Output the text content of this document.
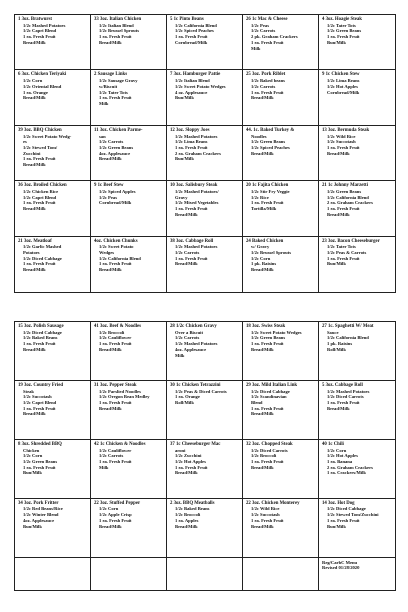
1 3oz. Bratwurst
1/2c Mashed Potatoes
1/2c Capri Blend
1 ea. Fresh Fruit
Bread/Milk
33 3oz. Italian Chicken
1/2c Italian Blend
1/2c Brussel Sprouts
1 ea. Fresh Fruit
Bread/Milk
5 1c Pinto Beans
1/2c California Blend
1/2c Spiced Peaches
1 ea. Fresh Fruit
Cornbread/Milk
26 1c Mac & Cheese
1/2c Peas
1/2c Carrots
2 pk. Graham Crackers
1 ea. Fresh Fruit
Milk
4 3oz. Hoagie Steak
1/2c Tater Tots
1/2c Green Beans
1 ea. Fresh Fruit
Bun/Milk
6 3oz. Chicken Teriyaki
1/2c Corn
1/2c Oriental Blend
1 ea. Orange
Bread/Milk
2 Sausage Links
1/2c Sausage Gravy
w/Biscuit
1/2c Tater Tots
1 ea. Fresh Fruit
Milk
7 3oz. Hamburger Pattie
1/2c Italian Blend
1/2c Sweet Potato Wedges
4 oz. Applesauce
Bun/Milk
25 3oz. Pork Riblet
1/2c Baked beans
1/2c Carrots
1 ea. Fresh Fruit
Bread/Milk
9 1c Chicken Stew
1/2c Lima Beans
1/2c Hot Apples
Cornbread/Milk
39 3oz. BBQ Chicken
1/2c Sweet Potato Wedg-
es
1/2c Stewed Tom/
Zucchini
1 ea. Fresh Fruit
Bread/Milk
11 3oz. Chicken Parme-
san
1/2c Carrots
1/2c Green Beans
4oz. Applesauce
Bread/Milk
12 3oz. Sloppy Joes
1/2c Mashed Potatoes
1/2c Lima Beans
1 ea. Fresh Fruit
2 ea. Graham Crackers
Bun/Milk
44. 1c. Baked Turkey &
Noodles
1/2c Green Beans
1/2c Spiced Peaches
Bread/Milk
13 3oz. Bermuda Steak
1/2c Wild Rice
1/2c Succotash
1 ea. Fresh Fruit
Bread/Milk
36 3oz. Broiled Chicken
1/2c Chicken Rice
1/2c Capri Blend
1 ea. Fresh Fruit
Bread/Milk
9 1c Beef Stew
1/2c Spiced Apples
1/2c Peas
Cornbread/Milk
10 3oz. Salisbury Steak
1/2c Mashed Potatoes/
Gravy
1/2c Mixed Vegetables
1 ea. Fresh Fruit
Bread/Milk
20 1c Fajita Chicken
1/2c Stir Fry Veggie
1/2c Rice
1 ea. Fresh Fruit
Tortilla/Milk
21 1c Johnny Marzetti
1/2c Green Beans
1/2c California Blend
2 ea. Graham Crackers
1 ea. Fresh Fruit
Bread/Milk
21 3oz. Meatloaf
1/2c Garlic Mashed
Potatoes
1/2c Diced Cabbage
1 ea. Fresh Fruit
Bread/Milk
4oz. Chicken Chunks
1/2c Sweet Potato
Wedges
1/2c California Blend
1 ea. Fresh Fruit
Bread/Milk
38 3oz. Cabbage Roll
1/2c Mashed Potatoes
1/2c Carrots
1 ea. Fresh Fruit
Bread/Milk
24 Baked Chicken
w/ Gravy
1/2c Brussel Sprouts
1/2c Corn
1 pk. Raisins
Bread/Milk
23 3oz. Bacon Cheeseburger
1/2c Tater Tots
1/2c Peas & Carrots
1 ea. Fresh Fruit
Bun/Milk
15 3oz. Polish Sausage
1/2c Diced Cabbage
1/2c Baked Beans
1 ea. Fresh Fruit
Bread/Milk
41 3oz. Beef & Noodles
1/2c Broccoli
1/2c Cauliflower
1 ea. Fresh Fruit
Bread/Milk
28 1/2c Chicken Gravy
Over a Biscuit
1/2c Carrots
1/2c Mashed Potatoes
4oz. Applesauce
Milk
18 3oz. Swiss Steak
1/2c Sweet Potato Wedges
1/2c Green Beans
1 ea. Fresh Fruit
Bread/Milk
27 1c. Spaghetti W/ Meat
Sauce
1/2c California Blend
1 pk. Raisins
Roll/Milk
19 3oz. Country Fried
Steak
1/2c Succotash
1/2c Capri Blend
1 ea. Fresh Fruit
Bread/Milk
31 3oz. Pepper Steak
1/2c Parslied Noodles
1/2c Oregon Bean Medley
1 ea. Fresh Fruit
Bread/Milk
30 1c Chicken Tetrazzini
1/2c Peas & Diced Carrots
1 ea. Orange
Roll/Milk
29 3oz. Mild Italian Link
1/2c Diced Cabbage
1/2c Scandinavian
Blend
1 ea. Fresh Fruit
Bread/Milk
5 3oz. Cabbage Roll
1/2c Mashed Potatoes
1/2c Diced Carrots
1 ea. Fresh Fruit
Bread/Milk
8 3oz. Shredded BBQ
Chicken
1/2c Corn
1/2c Green Beans
1 ea. Fresh Fruit
Bun/Milk
42 1c Chicken & Noodles
1/2c Cauliflower
1/2c Carrots
1 ea. Fresh Fruit
Milk
37 1c Cheeseburger Mac
aroni
1/2c Zucchini
1/2c Hot Apples
1 ea. Fresh Fruit
Bread/Milk
32 3oz. Chopped Steak
1/2c Diced Carrots
1/2c Broccoli
1 ea. Fresh Fruit
Bread/Milk
40 1c Chili
1/2c Corn
1/2c Hot Apples
1 ea. Banana
2 ea. Graham Crackers
1 ea. Crackers/Milk
34 3oz. Pork Fritter
1/2c Red Beans/Rice
1/2c Winter Blend
4oz. Applesauce
Bun/Milk
22 3oz. Stuffed Pepper
1/2c Corn
1/2c Apple Crisp
1 ea. Fresh Fruit
Bread/Milk
2 3oz. BBQ Meatballs
1/2c Baked Beans
1/2c Broccoli
1 ea. Apples
Bread/Milk
22 3oz. Chicken Monterey
1/2c Wild Rice
1/2c Succotash
1 ea. Fresh Fruit
Bread/Milk
14 3oz. Hot Dog
1/2c Diced Cabbage
1/2c Stewed Tom/Zucchini
1 ea. Fresh Fruit
Bun/Milk
Reg/CarbC Menu
Revised 01/28/2020
